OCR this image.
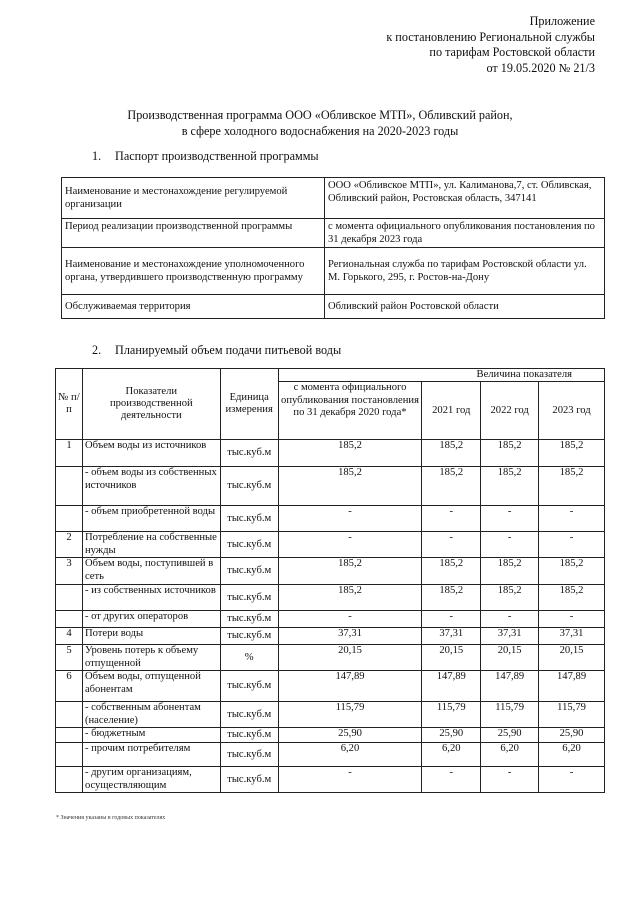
Приложение
к постановлению Региональной службы
по тарифам Ростовской области
от 19.05.2020 № 21/3
Производственная программа ООО «Обливское МТП», Обливский район,
в сфере холодного водоснабжения на 2020-2023 годы
1. Паспорт производственной программы
Наименование и местонахождение регулируемой организации	ООО «Обливское МТП», ул. Калиманова,7, ст. Обливская, Обливский район, Ростовская область, 347141
Период реализации производственной программы	с момента официального опубликования постановления по 31 декабря 2023 года
Наименование и местонахождение уполномоченного органа, утвердившего производственную программу	Региональная служба по тарифам Ростовской области ул. М. Горького, 295, г. Ростов-на-Дону
Обслуживаемая территория	Обливский район Ростовской области
2. Планируемый объем подачи питьевой воды
№ п/п	Показатели производственной деятельности	Единица измерения	Величина показателя			
			с момента официального опубликования постановления по 31 декабря 2020 года*	2021 год	2022 год	2023 год
1	Объем воды из источников	тыс.куб.м	185,2	185,2	185,2	185,2
	- объем воды из собственных источников	тыс.куб.м	185,2	185,2	185,2	185,2
	- объем приобретенной воды	тыс.куб.м	-	-	-	-
2	Потребление на собственные нужды	тыс.куб.м	-	-	-	-
3	Объем воды, поступившей в сеть	тыс.куб.м	185,2	185,2	185,2	185,2
	- из собственных источников	тыс.куб.м	185,2	185,2	185,2	185,2
	- от других операторов	тыс.куб.м	-	-	-	-
4	Потери воды	тыс.куб.м	37,31	37,31	37,31	37,31
5	Уровень потерь к объему отпущенной	%	20,15	20,15	20,15	20,15
6	Объем воды, отпущенной абонентам	тыс.куб.м	147,89	147,89	147,89	147,89
	- собственным абонентам (население)	тыс.куб.м	115,79	115,79	115,79	115,79
	- бюджетным	тыс.куб.м	25,90	25,90	25,90	25,90
	- прочим потребителям	тыс.куб.м	6,20	6,20	6,20	6,20
	- другим организациям, осуществляющим	тыс.куб.м	-	-	-	-
* Значения указаны в годовых показателях
